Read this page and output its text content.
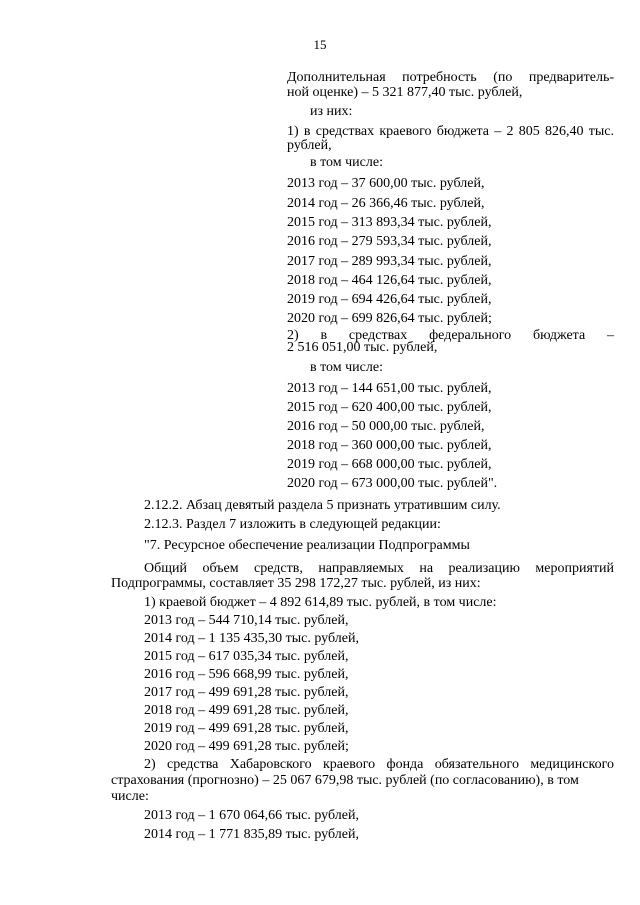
15
Дополнительная потребность (по предваритель-
ной оценке) – 5 321 877,40 тыс. рублей,
из них:
1) в средствах краевого бюджета – 2 805 826,40 тыс.
рублей,
в том числе:
2013 год – 37 600,00 тыс. рублей,
2014 год – 26 366,46 тыс. рублей,
2015 год – 313 893,34 тыс. рублей,
2016 год – 279 593,34 тыс. рублей,
2017 год – 289 993,34 тыс. рублей,
2018 год – 464 126,64 тыс. рублей,
2019 год – 694 426,64 тыс. рублей,
2020 год – 699 826,64 тыс. рублей;
2) в средствах федерального бюджета –
2 516 051,00 тыс. рублей,
в том числе:
2013 год – 144 651,00 тыс. рублей,
2015 год – 620 400,00 тыс. рублей,
2016 год – 50 000,00 тыс. рублей,
2018 год – 360 000,00 тыс. рублей,
2019 год – 668 000,00 тыс. рублей,
2020 год – 673 000,00 тыс. рублей".
2.12.2. Абзац девятый раздела 5 признать утратившим силу.
2.12.3. Раздел 7 изложить в следующей редакции:
"7. Ресурсное обеспечение реализации Подпрограммы
Общий объем средств, направляемых на реализацию мероприятий
Подпрограммы, составляет 35 298 172,27 тыс. рублей, из них:
1) краевой бюджет – 4 892 614,89 тыс. рублей, в том числе:
2013 год – 544 710,14 тыс. рублей,
2014 год – 1 135 435,30 тыс. рублей,
2015 год – 617 035,34 тыс. рублей,
2016 год – 596 668,99 тыс. рублей,
2017 год – 499 691,28 тыс. рублей,
2018 год – 499 691,28 тыс. рублей,
2019 год – 499 691,28 тыс. рублей,
2020 год – 499 691,28 тыс. рублей;
2) средства Хабаровского краевого фонда обязательного медицинского
страхования (прогнозно) – 25 067 679,98 тыс. рублей (по согласованию), в том
числе:
2013 год – 1 670 064,66 тыс. рублей,
2014 год – 1 771 835,89 тыс. рублей,
